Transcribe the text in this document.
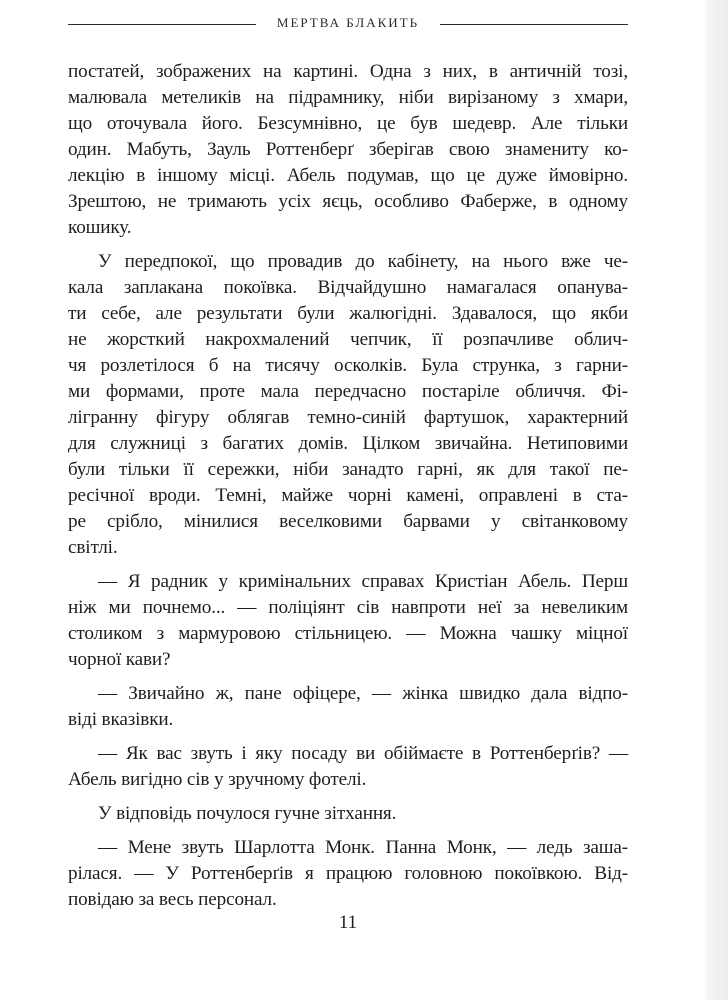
МЕРТВА БЛАКИТЬ

постатей, зображених на картині. Одна з них, в античній тозі,
малювала метеликів на підрамнику, ніби вирізаному з хмари,
що оточувала його. Безсумнівно, це був шедевр. Але тільки
один. Мабуть, Зауль Роттенберґ зберігав свою знамениту ко-
лекцію в іншому місці. Абель подумав, що це дуже ймовірно.
Зрештою, не тримають усіх яєць, особливо Фаберже, в одному
кошику.

У передпокої, що провадив до кабінету, на нього вже че-
кала заплакана покоївка. Відчайдушно намагалася опанува-
ти себе, але результати були жалюгідні. Здавалося, що якби
не жорсткий накрохмалений чепчик, її розпачливе облич-
чя розлетілося б на тисячу осколків. Була струнка, з гарни-
ми формами, проте мала передчасно постаріле обличчя. Фі-
лігранну фігуру облягав темно-синій фартушок, характерний
для служниці з багатих домів. Цілком звичайна. Нетиповими
були тільки її сережки, ніби занадто гарні, як для такої пе-
ресічної вроди. Темні, майже чорні камені, оправлені в ста-
ре срібло, мінилися веселковими барвами у світанковому
світлі.

— Я радник у кримінальних справах Кристіан Абель. Перш
ніж ми почнемо... — поліціянт сів навпроти неї за невеликим
столиком з мармуровою стільницею. — Можна чашку міцної
чорної кави?

— Звичайно ж, пане офіцере, — жінка швидко дала відпо-
віді вказівки.

— Як вас звуть і яку посаду ви обіймаєте в Роттенберґів? —
Абель вигідно сів у зручному фотелі.

У відповідь почулося гучне зітхання.

— Мене звуть Шарлотта Монк. Панна Монк, — ледь заша-
рілася. — У Роттенберґів я працюю головною покоївкою. Від-
повідаю за весь персонал.

11
